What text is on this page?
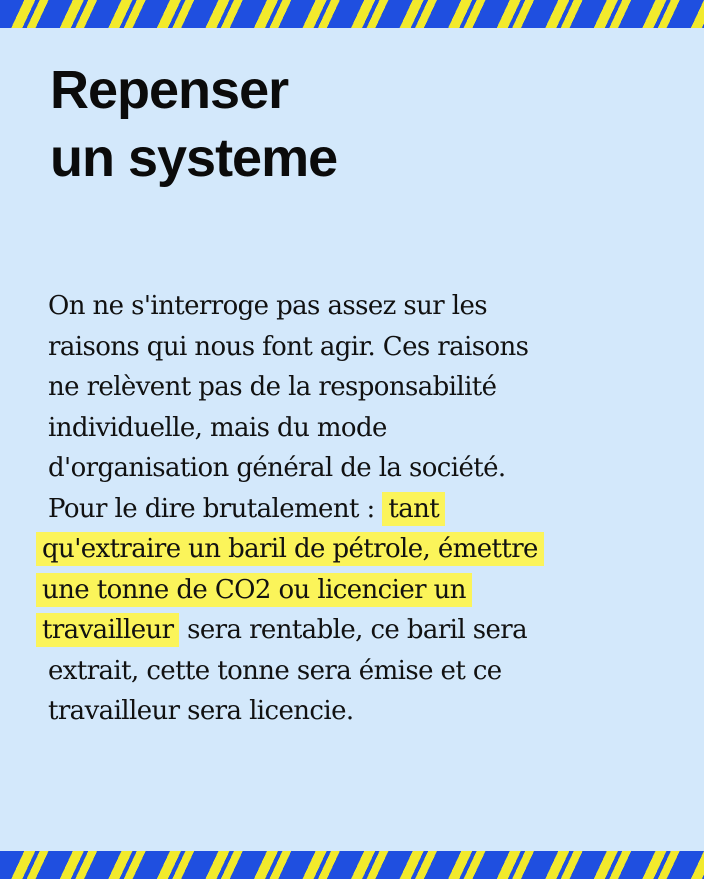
Repenser
un systeme

On ne s'interroge pas assez sur les
raisons qui nous font agir. Ces raisons
ne relèvent pas de la responsabilité
individuelle, mais du mode
d'organisation général de la société.
Pour le dire brutalement : tant
qu'extraire un baril de pétrole, émettre
une tonne de CO2 ou licencier un
travailleur sera rentable, ce baril sera
extrait, cette tonne sera émise et ce
travailleur sera licencie.
